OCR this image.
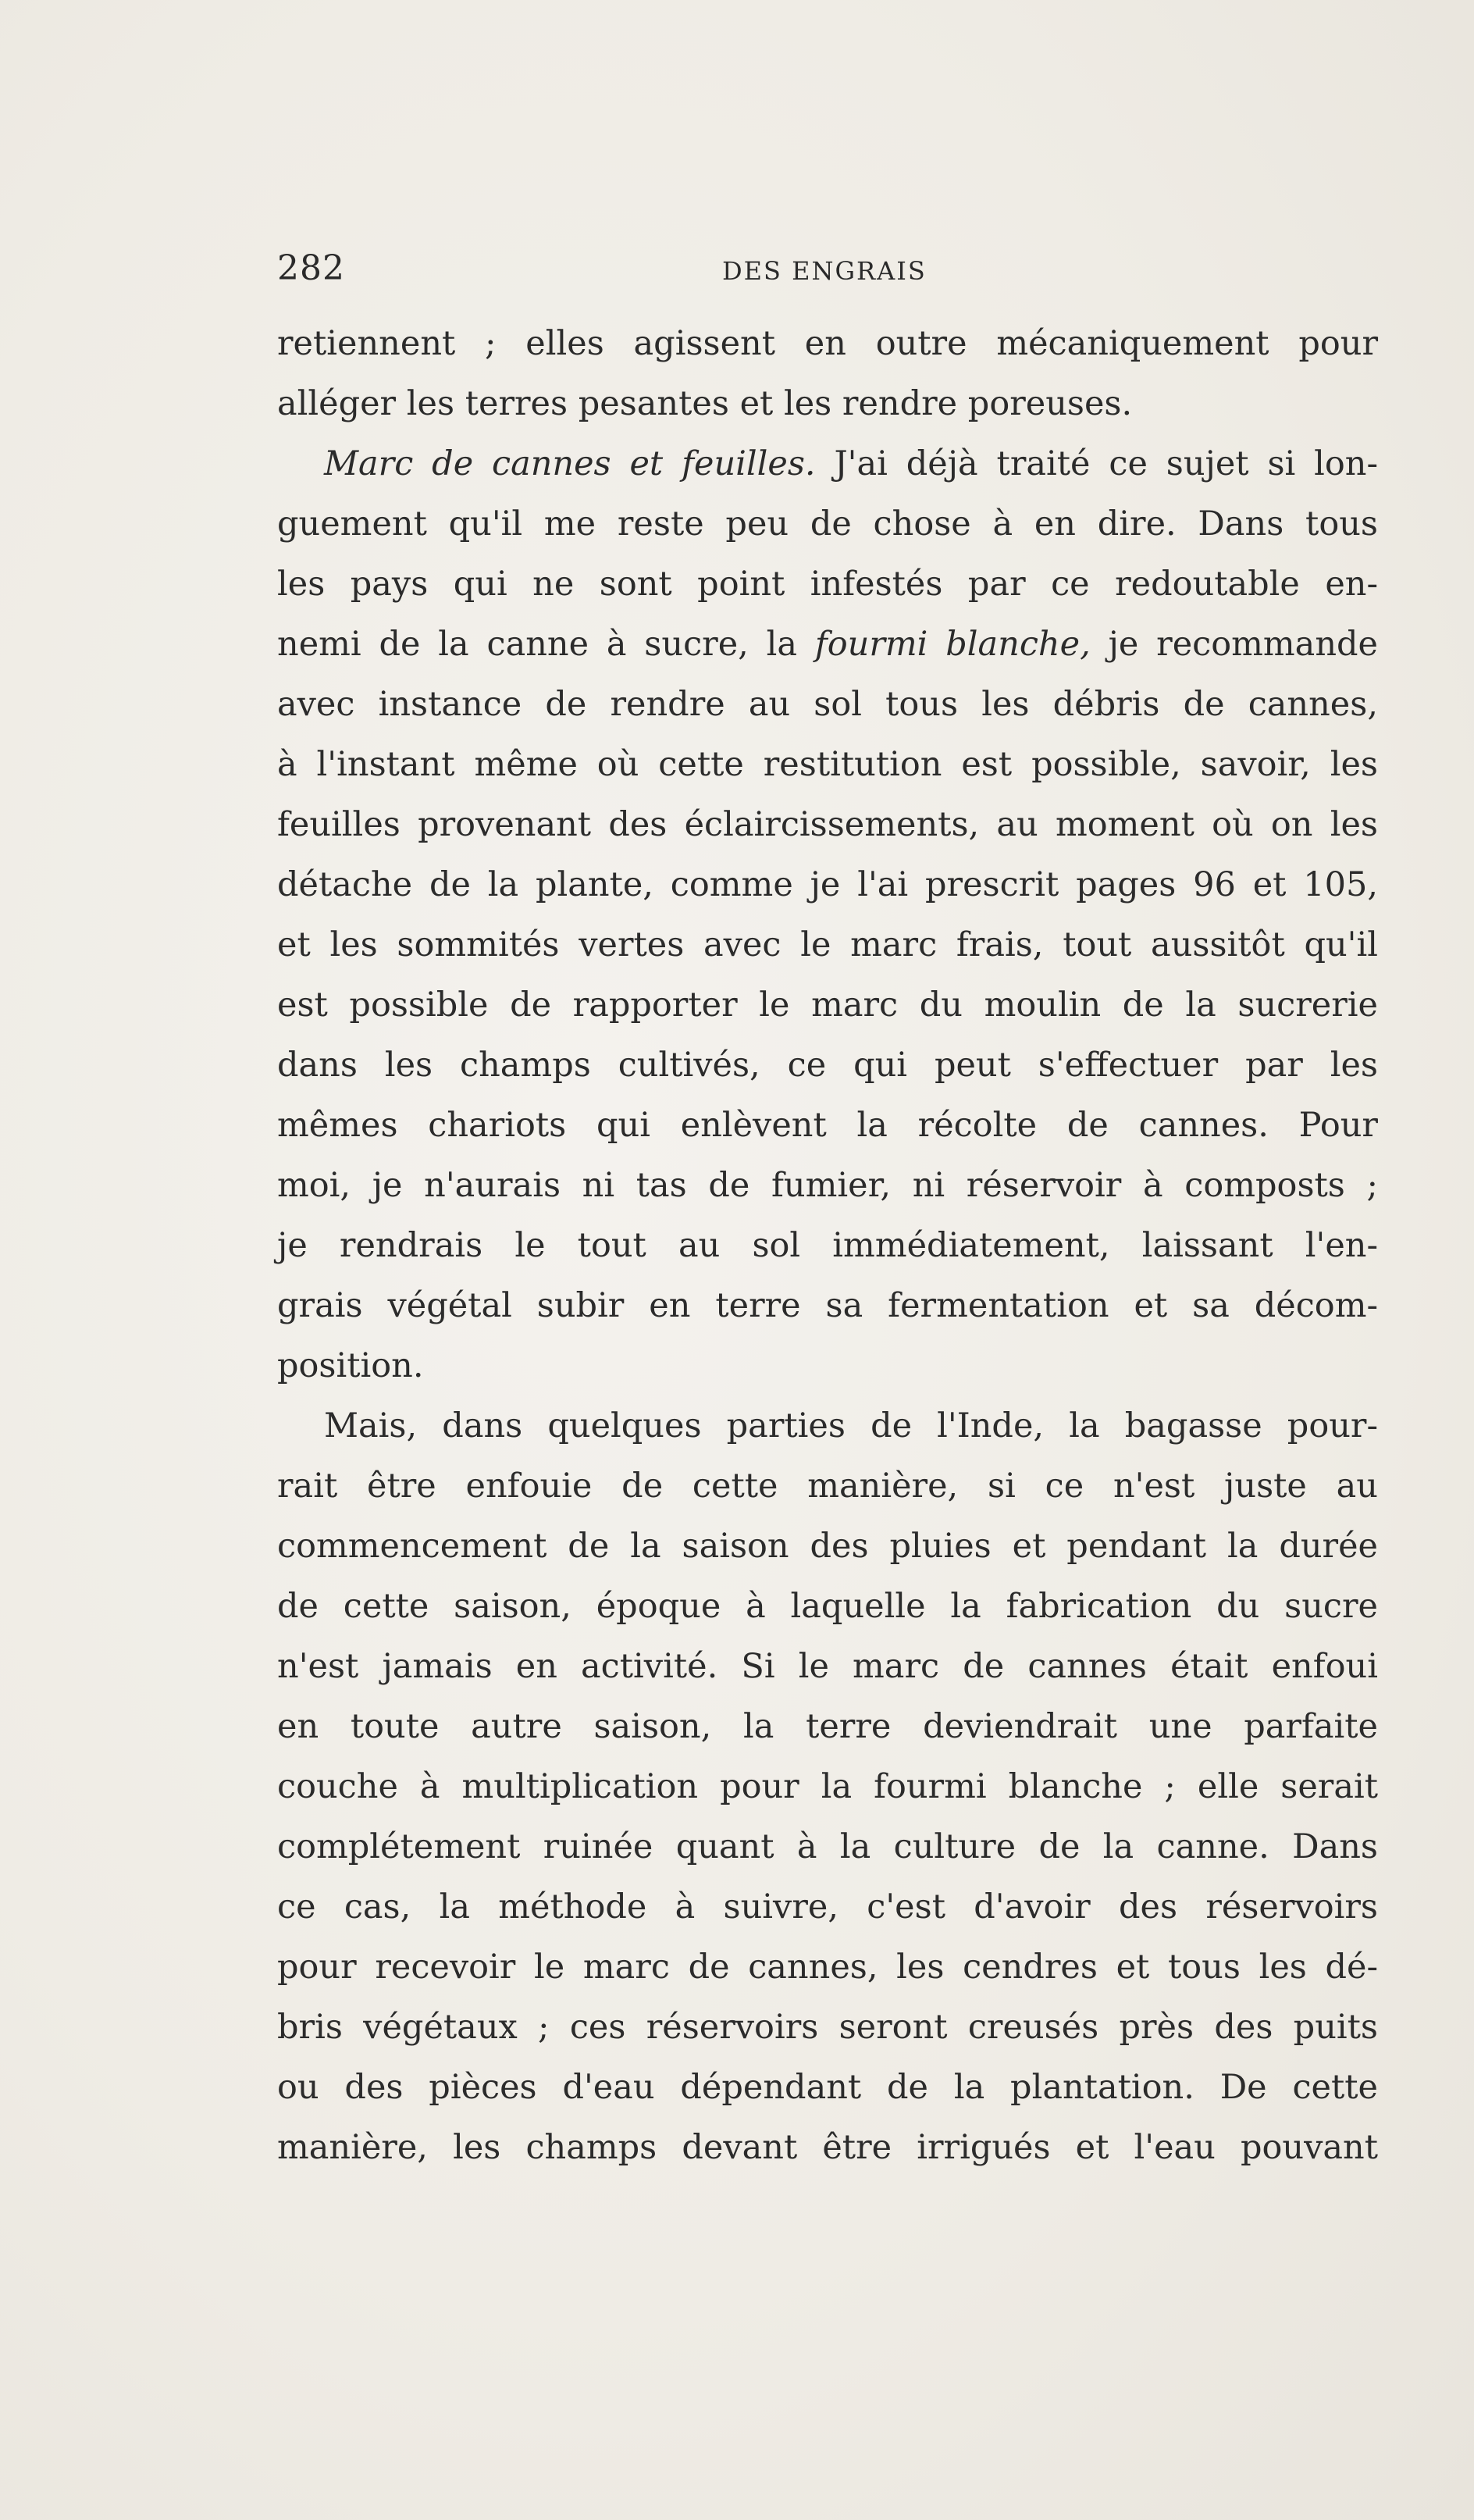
282	DES ENGRAIS
retiennent ; elles agissent en outre mécaniquement pour
alléger les terres pesantes et les rendre poreuses.
Marc de cannes et feuilles. J'ai déjà traité ce sujet si lon-
guement qu'il me reste peu de chose à en dire. Dans tous
les pays qui ne sont point infestés par ce redoutable en-
nemi de la canne à sucre, la fourmi blanche, je recommande
avec instance de rendre au sol tous les débris de cannes,
à l'instant même où cette restitution est possible, savoir, les
feuilles provenant des éclaircissements, au moment où on les
détache de la plante, comme je l'ai prescrit pages 96 et 105,
et les sommités vertes avec le marc frais, tout aussitôt qu'il
est possible de rapporter le marc du moulin de la sucrerie
dans les champs cultivés, ce qui peut s'effectuer par les
mêmes chariots qui enlèvent la récolte de cannes. Pour
moi, je n'aurais ni tas de fumier, ni réservoir à composts ;
je rendrais le tout au sol immédiatement, laissant l'en-
grais végétal subir en terre sa fermentation et sa décom-
position.
Mais, dans quelques parties de l'Inde, la bagasse pour-
rait être enfouie de cette manière, si ce n'est juste au
commencement de la saison des pluies et pendant la durée
de cette saison, époque à laquelle la fabrication du sucre
n'est jamais en activité. Si le marc de cannes était enfoui
en toute autre saison, la terre deviendrait une parfaite
couche à multiplication pour la fourmi blanche ; elle serait
complétement ruinée quant à la culture de la canne. Dans
ce cas, la méthode à suivre, c'est d'avoir des réservoirs
pour recevoir le marc de cannes, les cendres et tous les dé-
bris végétaux ; ces réservoirs seront creusés près des puits
ou des pièces d'eau dépendant de la plantation. De cette
manière, les champs devant être irrigués et l'eau pouvant
